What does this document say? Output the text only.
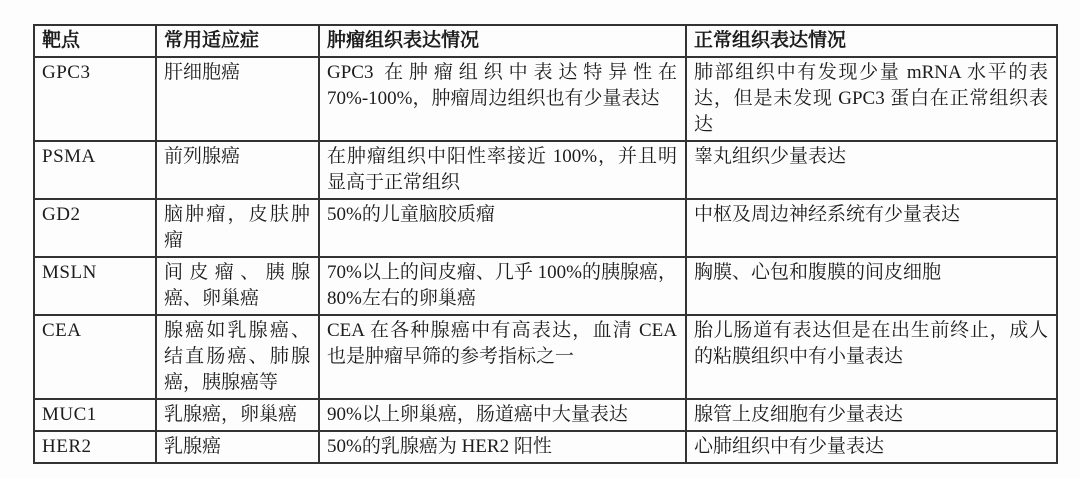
靶点	常用适应症	肿瘤组织表达情况	正常组织表达情况
GPC3	肝细胞癌	GPC3 在肿瘤组织中表达特异性在 70%-100%，肿瘤周边组织也有少量表达	肺部组织中有发现少量 mRNA 水平的表达，但是未发现 GPC3 蛋白在正常组织表达
PSMA	前列腺癌	在肿瘤组织中阳性率接近 100%，并且明显高于正常组织	睾丸组织少量表达
GD2	脑肿瘤，皮肤肿瘤	50%的儿童脑胶质瘤	中枢及周边神经系统有少量表达
MSLN	间皮瘤、胰腺癌、卵巢癌	70%以上的间皮瘤、几乎 100%的胰腺癌，80%左右的卵巢癌	胸膜、心包和腹膜的间皮细胞
CEA	腺癌如乳腺癌、结直肠癌、肺腺癌，胰腺癌等	CEA 在各种腺癌中有高表达，血清 CEA 也是肿瘤早筛的参考指标之一	胎儿肠道有表达但是在出生前终止，成人的粘膜组织中有小量表达
MUC1	乳腺癌，卵巢癌	90%以上卵巢癌，肠道癌中大量表达	腺管上皮细胞有少量表达
HER2	乳腺癌	50%的乳腺癌为 HER2 阳性	心肺组织中有少量表达
